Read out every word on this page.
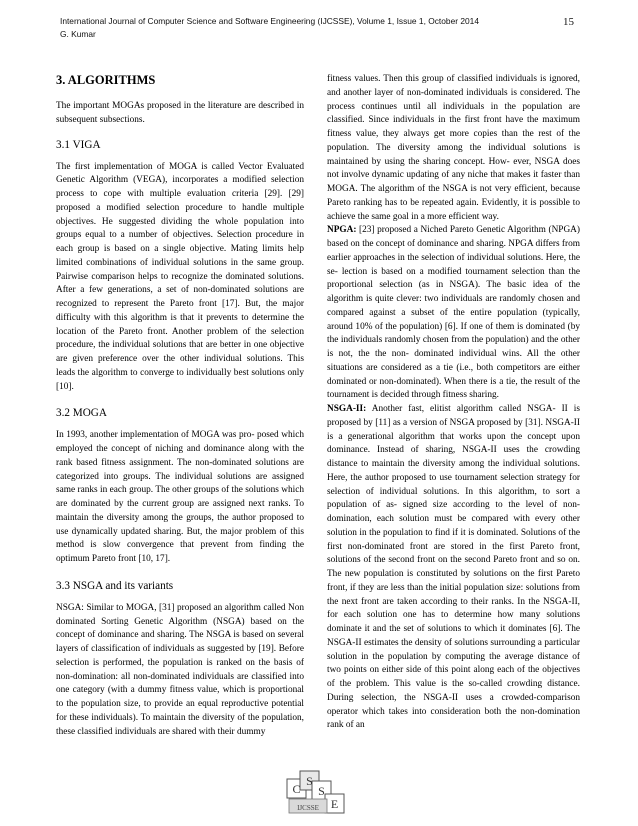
International Journal of Computer Science and Software Engineering (IJCSSE), Volume 1, Issue 1, October 2014
G. Kumar
15
3. ALGORITHMS

The important MOGAs proposed in the literature are described in subsequent subsections.

3.1 VIGA

The first implementation of MOGA is called Vector Evaluated Genetic Algorithm (VEGA), incorporates a modified selection process to cope with multiple evaluation criteria [29]. [29] proposed a modified selection procedure to handle multiple objectives. He suggested dividing the whole population into groups equal to a number of objectives. Selection procedure in each group is based on a single objective. Mating limits help limited combinations of individual solutions in the same group. Pairwise comparison helps to recognize the dominated solutions. After a few generations, a set of non-dominated solutions are recognized to represent the Pareto front [17]. But, the major difficulty with this algorithm is that it prevents to determine the location of the Pareto front. Another problem of the selection procedure, the individual solutions that are better in one objective are given preference over the other individual solutions. This leads the algorithm to converge to individually best solutions only [10].

3.2 MOGA

In 1993, another implementation of MOGA was pro- posed which employed the concept of niching and dominance along with the rank based fitness assignment. The non-dominated solutions are categorized into groups. The individual solutions are assigned same ranks in each group. The other groups of the solutions which are dominated by the current group are assigned next ranks. To maintain the diversity among the groups, the author proposed to use dynamically updated sharing. But, the major problem of this method is slow convergence that prevent from finding the optimum Pareto front [10, 17].

3.3 NSGA and its variants

NSGA: Similar to MOGA, [31] proposed an algorithm called Non dominated Sorting Genetic Algorithm (NSGA) based on the concept of dominance and sharing. The NSGA is based on several layers of classification of individuals as suggested by [19]. Before selection is performed, the population is ranked on the basis of non-domination: all non-dominated individuals are classified into one category (with a dummy fitness value, which is proportional to the population size, to provide an equal reproductive potential for these individuals). To maintain the diversity of the population, these classified individuals are shared with their dummy

fitness values. Then this group of classified individuals is ignored, and another layer of non-dominated individuals is considered. The process continues until all individuals in the population are classified. Since individuals in the first front have the maximum fitness value, they always get more copies than the rest of the population. The diversity among the individual solutions is maintained by using the sharing concept. How- ever, NSGA does not involve dynamic updating of any niche that makes it faster than MOGA. The algorithm of the NSGA is not very efficient, because Pareto ranking has to be repeated again. Evidently, it is possible to achieve the same goal in a more efficient way.

NPGA: [23] proposed a Niched Pareto Genetic Algorithm (NPGA) based on the concept of dominance and sharing. NPGA differs from earlier approaches in the selection of individual solutions. Here, the se- lection is based on a modified tournament selection than the proportional selection (as in NSGA). The basic idea of the algorithm is quite clever: two individuals are randomly chosen and compared against a subset of the entire population (typically, around 10% of the population) [6]. If one of them is dominated (by the individuals randomly chosen from the population) and the other is not, the the non- dominated individual wins. All the other situations are considered as a tie (i.e., both competitors are either dominated or non-dominated). When there is a tie, the result of the tournament is decided through fitness sharing.

NSGA-II: Another fast, elitist algorithm called NSGA- II is proposed by [11] as a version of NSGA proposed by [31]. NSGA-II is a generational algorithm that works upon the concept upon dominance. Instead of sharing, NSGA-II uses the crowding distance to maintain the diversity among the individual solutions. Here, the author proposed to use tournament selection strategy for selection of individual solutions. In this algorithm, to sort a population of as- signed size according to the level of non-domination, each solution must be compared with every other solution in the population to find if it is dominated. Solutions of the first non-dominated front are stored in the first Pareto front, solutions of the second front on the second Pareto front and so on. The new population is constituted by solutions on the first Pareto front, if they are less than the initial population size: solutions from the next front are taken according to their ranks. In the NSGA-II, for each solution one has to determine how many solutions dominate it and the set of solutions to which it dominates [6]. The NSGA-II estimates the density of solutions surrounding a particular solution in the population by computing the average distance of two points on either side of this point along each of the objectives of the problem. This value is the so-called crowding distance. During selection, the NSGA-II uses a crowded-comparison operator which takes into consideration both the non-domination rank of an

C
S
S
E
IJCSSE
